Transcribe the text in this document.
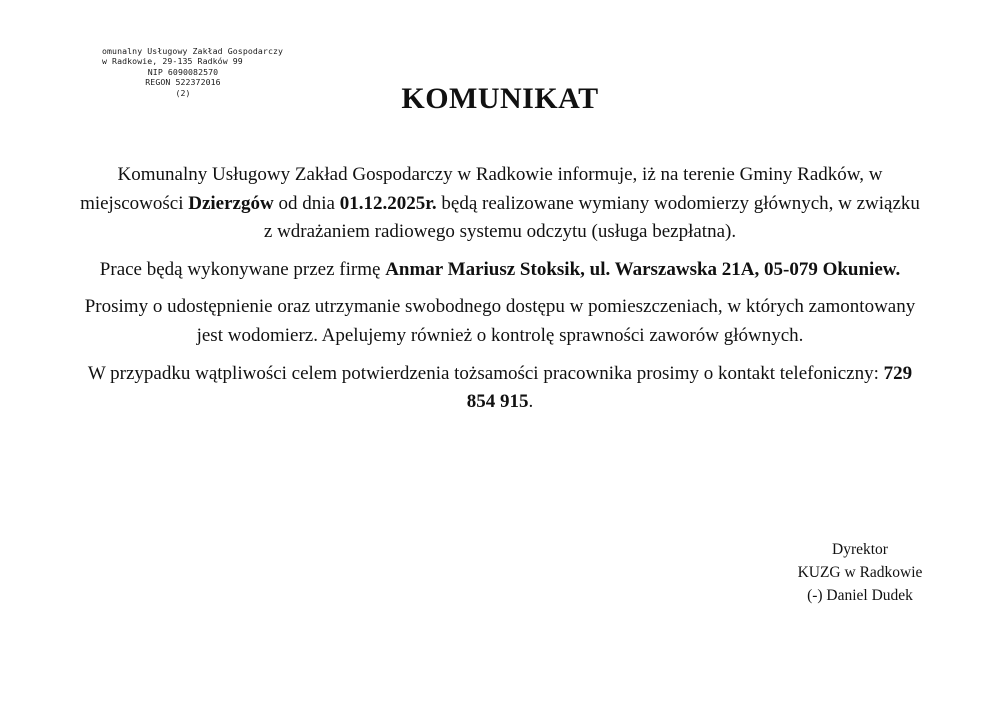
omunalny Usługowy Zakład Gospodarczy
w Radkowie, 29-135 Radków 99
NIP 6090082570
REGON 522372016
(2)	KOMUNIKAT

Komunalny Usługowy Zakład Gospodarczy w Radkowie informuje, iż na terenie Gminy Radków, w miejscowości Dzierzgów od dnia 01.12.2025r. będą realizowane wymiany wodomierzy głównych, w związku z wdrażaniem radiowego systemu odczytu (usługa bezpłatna).

Prace będą wykonywane przez firmę Anmar Mariusz Stoksik, ul. Warszawska 21A, 05-079 Okuniew.

Prosimy o udostępnienie oraz utrzymanie swobodnego dostępu w pomieszczeniach, w których zamontowany jest wodomierz. Apelujemy również o kontrolę sprawności zaworów głównych.

W przypadku wątpliwości celem potwierdzenia tożsamości pracownika prosimy o kontakt telefoniczny: 729 854 915.

Dyrektor
KUZG w Radkowie
(-) Daniel Dudek
